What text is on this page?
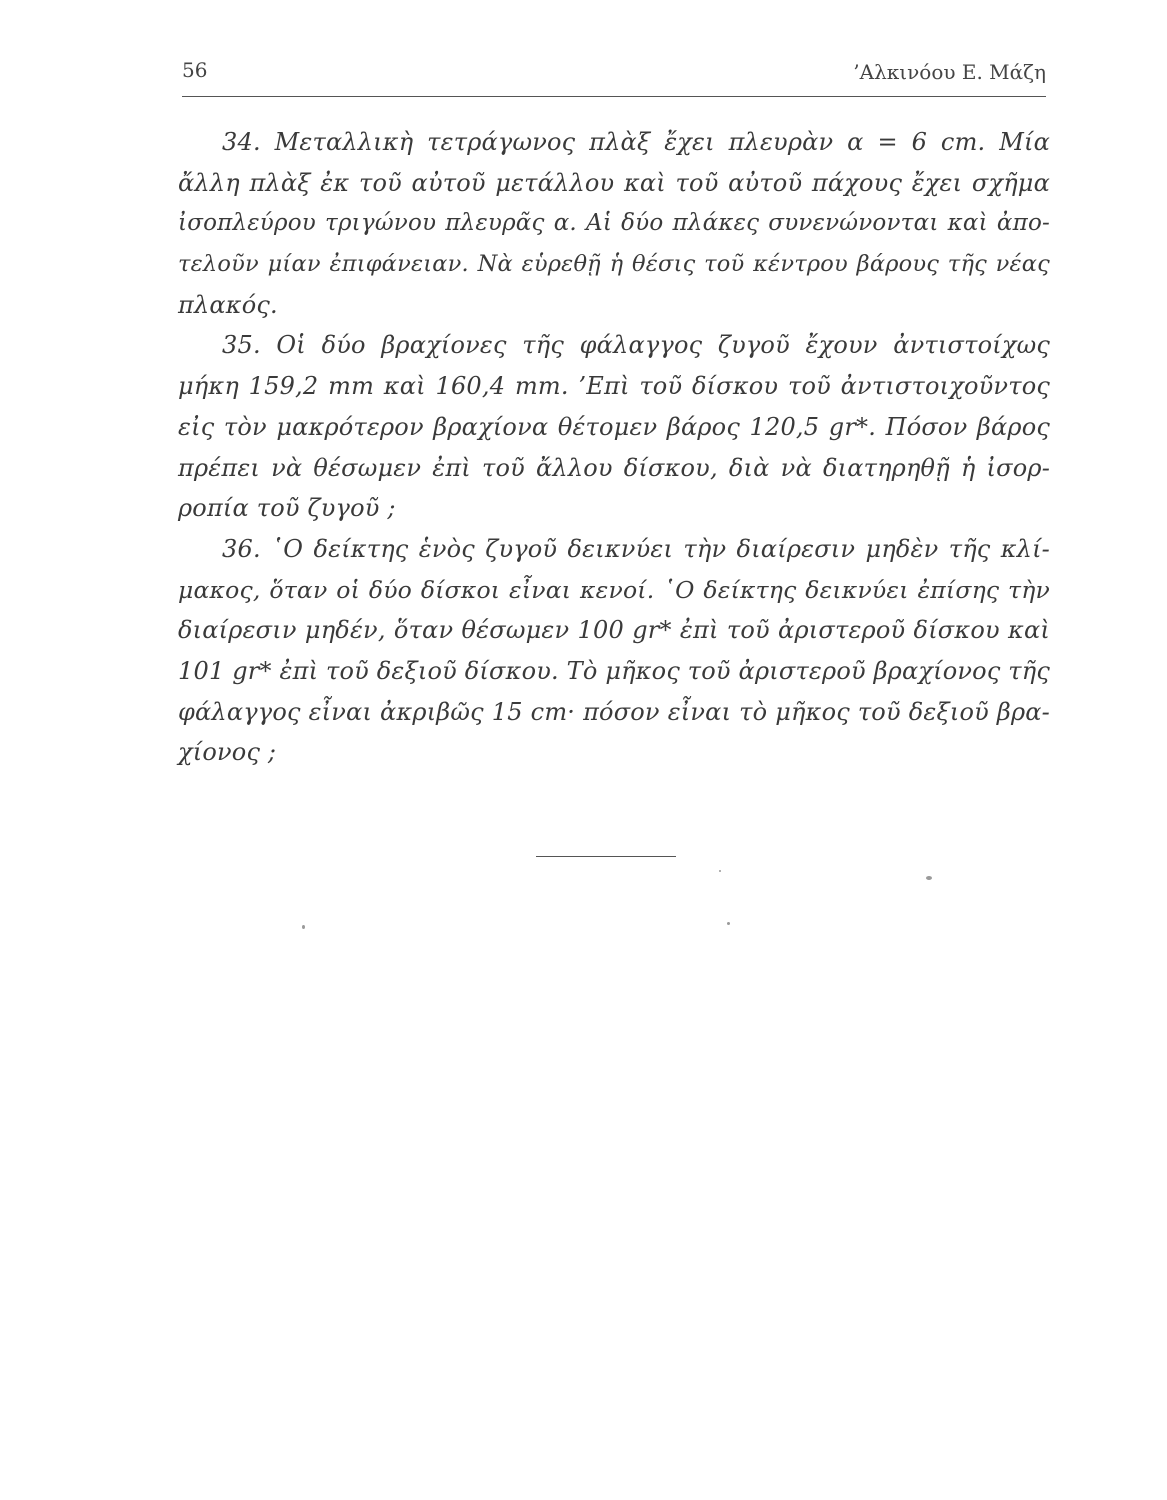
56	’Αλκινόου Ε. Μάζη
34. Μεταλλικὴ τετράγωνος πλὰξ ἔχει πλευρὰν α = 6 cm. Μία
ἄλλη πλὰξ ἐκ τοῦ αὐτοῦ μετάλλου καὶ τοῦ αὐτοῦ πάχους ἔχει σχῆμα
ἰσοπλεύρου τριγώνου πλευρᾶς α. Αἱ δύο πλάκες συνενώνονται καὶ ἀπο-
τελοῦν μίαν ἐπιφάνειαν. Νὰ εὑρεθῇ ἡ θέσις τοῦ κέντρου βάρους τῆς νέας
πλακός.
35. Οἱ δύο βραχίονες τῆς φάλαγγος ζυγοῦ ἔχουν ἀντιστοίχως
μήκη 159,2 mm καὶ 160,4 mm. ’Επὶ τοῦ δίσκου τοῦ ἀντιστοιχοῦντος
εἰς τὸν μακρότερον βραχίονα θέτομεν βάρος 120,5 gr*. Πόσον βάρος
πρέπει νὰ θέσωμεν ἐπὶ τοῦ ἄλλου δίσκου, διὰ νὰ διατηρηθῇ ἡ ἰσορ-
ροπία τοῦ ζυγοῦ ;
36. ῾Ο δείκτης ἑνὸς ζυγοῦ δεικνύει τὴν διαίρεσιν μηδὲν τῆς κλί-
μακος, ὅταν οἱ δύο δίσκοι εἶναι κενοί. ῾Ο δείκτης δεικνύει ἐπίσης τὴν
διαίρεσιν μηδέν, ὅταν θέσωμεν 100 gr* ἐπὶ τοῦ ἀριστεροῦ δίσκου καὶ
101 gr* ἐπὶ τοῦ δεξιοῦ δίσκου. Τὸ μῆκος τοῦ ἀριστεροῦ βραχίονος τῆς
φάλαγγος εἶναι ἀκριβῶς 15 cm· πόσον εἶναι τὸ μῆκος τοῦ δεξιοῦ βρα-
χίονος ;
